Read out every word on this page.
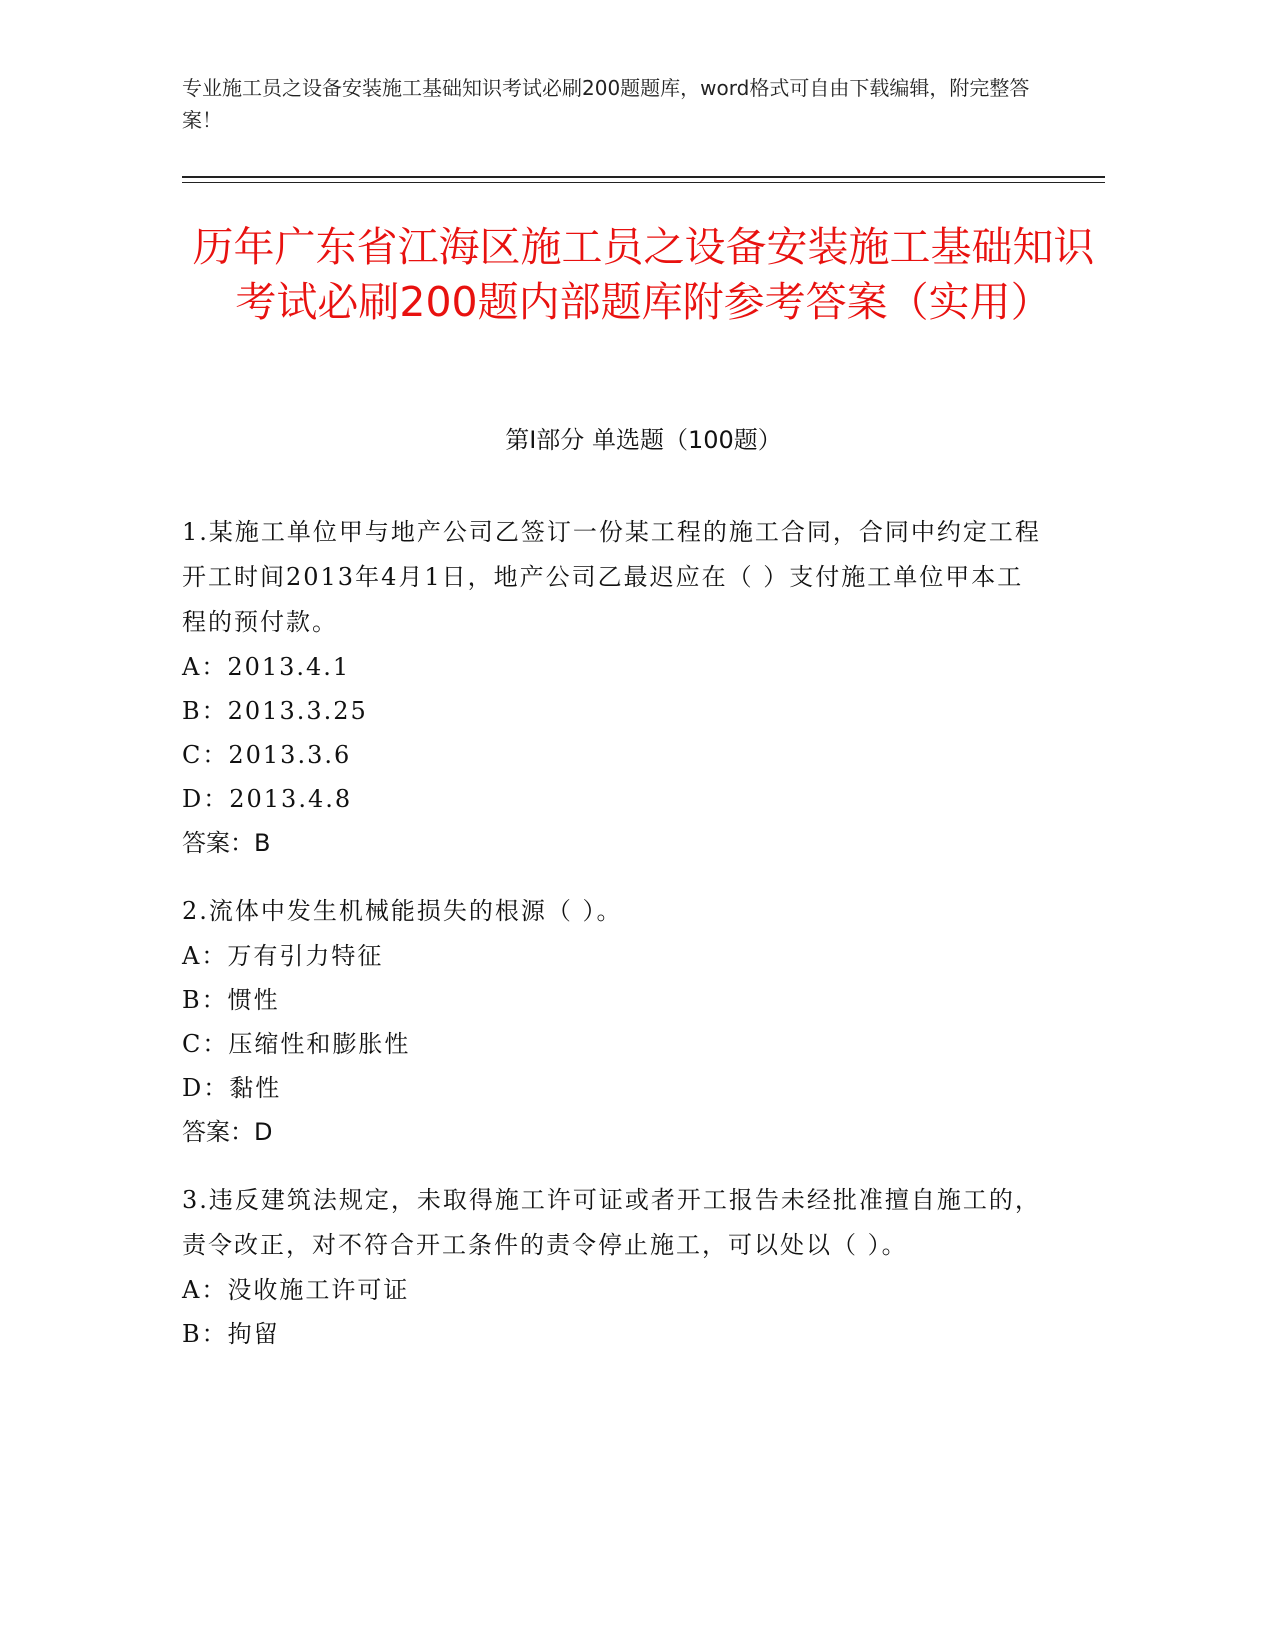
专业施工员之设备安装施工基础知识考试必刷200题题库，word格式可自由下载编辑，附完整答案！
历年广东省江海区施工员之设备安装施工基础知识考试必刷200题内部题库附参考答案（实用）
第Ⅰ部分 单选题（100题）
1.某施工单位甲与地产公司乙签订一份某工程的施工合同，合同中约定工程开工时间2013年4月1日，地产公司乙最迟应在（ ）支付施工单位甲本工程的预付款。
A：2013.4.1
B：2013.3.25
C：2013.3.6
D：2013.4.8
答案：B
2.流体中发生机械能损失的根源（ ）。
A：万有引力特征
B：惯性
C：压缩性和膨胀性
D：黏性
答案：D
3.违反建筑法规定，未取得施工许可证或者开工报告未经批准擅自施工的，责令改正，对不符合开工条件的责令停止施工，可以处以（ ）。
A：没收施工许可证
B：拘留
